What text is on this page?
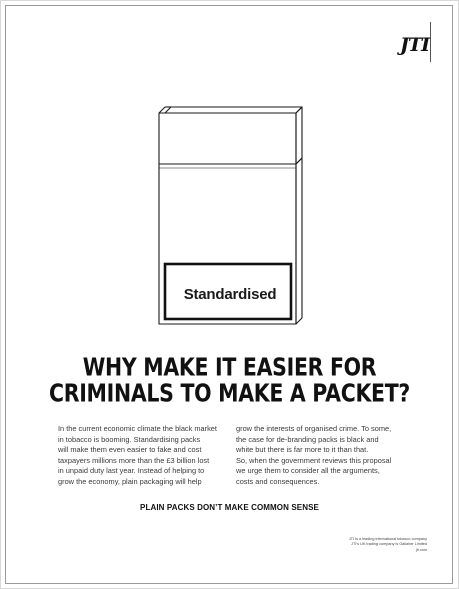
JTI
Standardised
WHY MAKE IT EASIER FOR
CRIMINALS TO MAKE A PACKET?
In the current economic climate the black market
in tobacco is booming. Standardising packs
will make them even easier to fake and cost
taxpayers millions more than the £3 billion lost
in unpaid duty last year. Instead of helping to
grow the economy, plain packaging will help
grow the interests of organised crime. To some,
the case for de-branding packs is black and
white but there is far more to it than that.
So, when the government reviews this proposal
we urge them to consider all the arguments,
costs and consequences.
PLAIN PACKS DON’T MAKE COMMON SENSE
JTI is a leading international tobacco company
JTI's UK trading company is Gallaher Limited
jti.com
